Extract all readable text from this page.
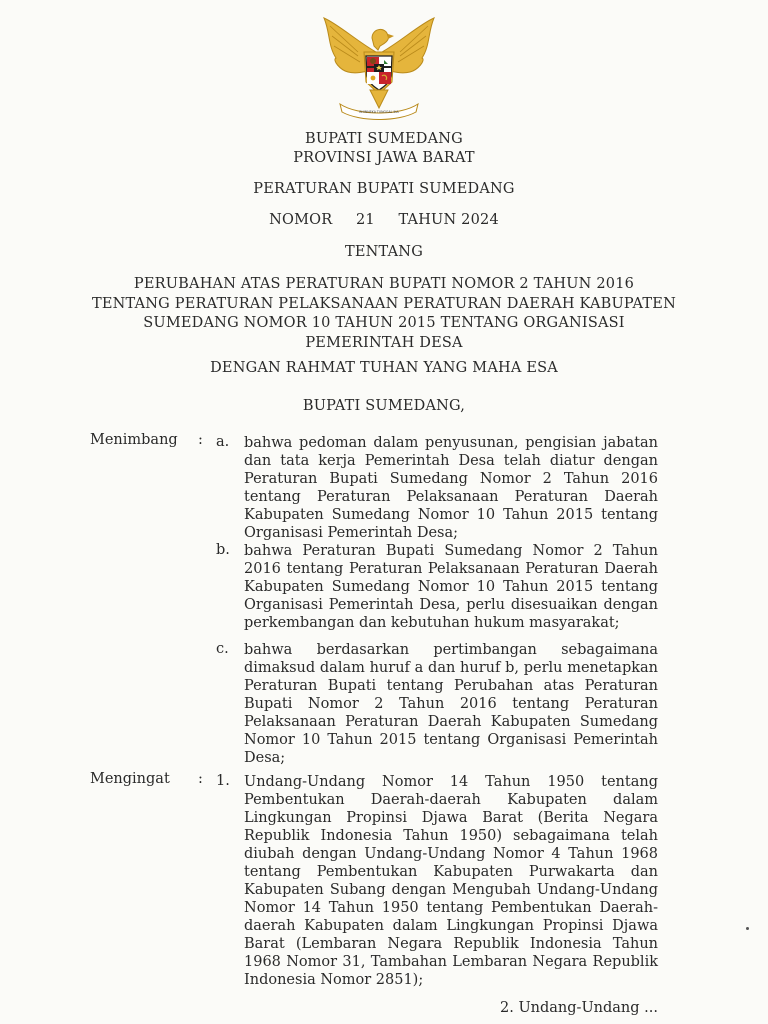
BHINNEKA TUNGGAL IKA
BUPATI SUMEDANG
PROVINSI JAWA BARAT
PERATURAN BUPATI SUMEDANG
NOMOR 21 TAHUN 2024
TENTANG
PERUBAHAN ATAS PERATURAN BUPATI NOMOR 2 TAHUN 2016
TENTANG PERATURAN PELAKSANAAN PERATURAN DAERAH KABUPATEN
SUMEDANG NOMOR 10 TAHUN 2015 TENTANG ORGANISASI
PEMERINTAH DESA
DENGAN RAHMAT TUHAN YANG MAHA ESA
BUPATI SUMEDANG,
Menimbang : a. bahwa pedoman dalam penyusunan, pengisian jabatan dan tata kerja Pemerintah Desa telah diatur dengan Peraturan Bupati Sumedang Nomor 2 Tahun 2016 tentang Peraturan Pelaksanaan Peraturan Daerah Kabupaten Sumedang Nomor 10 Tahun 2015 tentang Organisasi Pemerintah Desa;
b. bahwa Peraturan Bupati Sumedang Nomor 2 Tahun 2016 tentang Peraturan Pelaksanaan Peraturan Daerah Kabupaten Sumedang Nomor 10 Tahun 2015 tentang Organisasi Pemerintah Desa, perlu disesuaikan dengan perkembangan dan kebutuhan hukum masyarakat;
c. bahwa berdasarkan pertimbangan sebagaimana dimaksud dalam huruf a dan huruf b, perlu menetapkan Peraturan Bupati tentang Perubahan atas Peraturan Bupati Nomor 2 Tahun 2016 tentang Peraturan Pelaksanaan Peraturan Daerah Kabupaten Sumedang Nomor 10 Tahun 2015 tentang Organisasi Pemerintah Desa;
Mengingat : 1. Undang-Undang Nomor 14 Tahun 1950 tentang Pembentukan Daerah-daerah Kabupaten dalam Lingkungan Propinsi Djawa Barat (Berita Negara Republik Indonesia Tahun 1950) sebagaimana telah diubah dengan Undang-Undang Nomor 4 Tahun 1968 tentang Pembentukan Kabupaten Purwakarta dan Kabupaten Subang dengan Mengubah Undang-Undang Nomor 14 Tahun 1950 tentang Pembentukan Daerah-daerah Kabupaten dalam Lingkungan Propinsi Djawa Barat (Lembaran Negara Republik Indonesia Tahun 1968 Nomor 31, Tambahan Lembaran Negara Republik Indonesia Nomor 2851);
2. Undang-Undang ...
